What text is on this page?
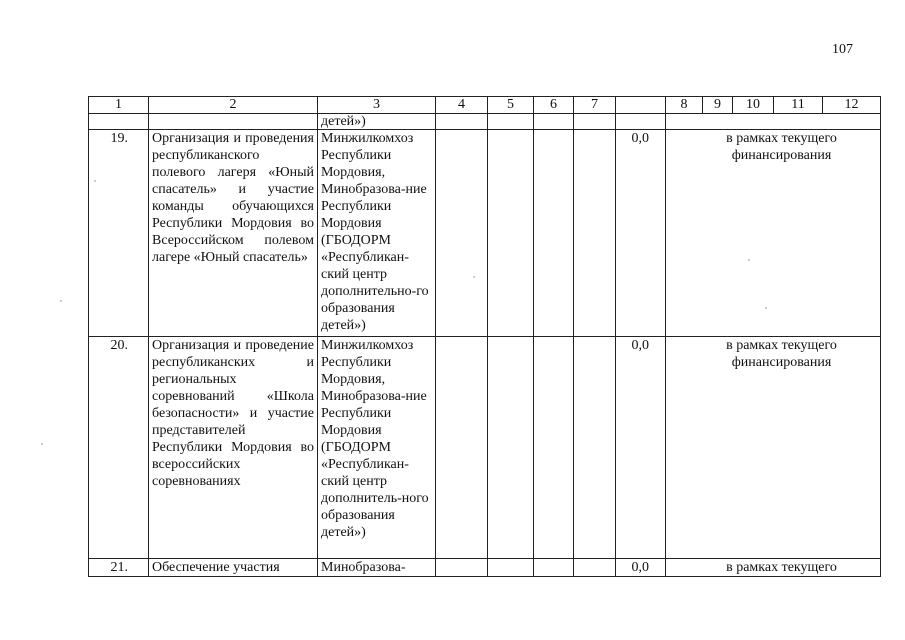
107
1	2	3	4	5	6	7		8 9 10 11 12

		детей»)						
19.	Организация и проведения республиканского полевого лагеря «Юный спасатель» и участие команды обучающихся Республики Мордовия во Всероссийском полевом лагере «Юный спасатель»	Минжилкомхоз Республики Мордовия, Минобразова-ние Республики Мордовия (ГБОДОРМ «Республикан-ский центр дополнительно-го образования детей»)					0,0	в рамках текущего финансирования
20.	Организация и проведение республиканских и региональных соревнований «Школа безопасности» и участие представителей Республики Мордовия во всероссийских соревнованиях	Минжилкомхоз Республики Мордовия, Минобразова-ние Республики Мордовия (ГБОДОРМ «Республикан-ский центр дополнитель-ного образования детей»)					0,0	в рамках текущего финансирования
21.	Обеспечение участия	Минобразова-					0,0	в рамках текущего
